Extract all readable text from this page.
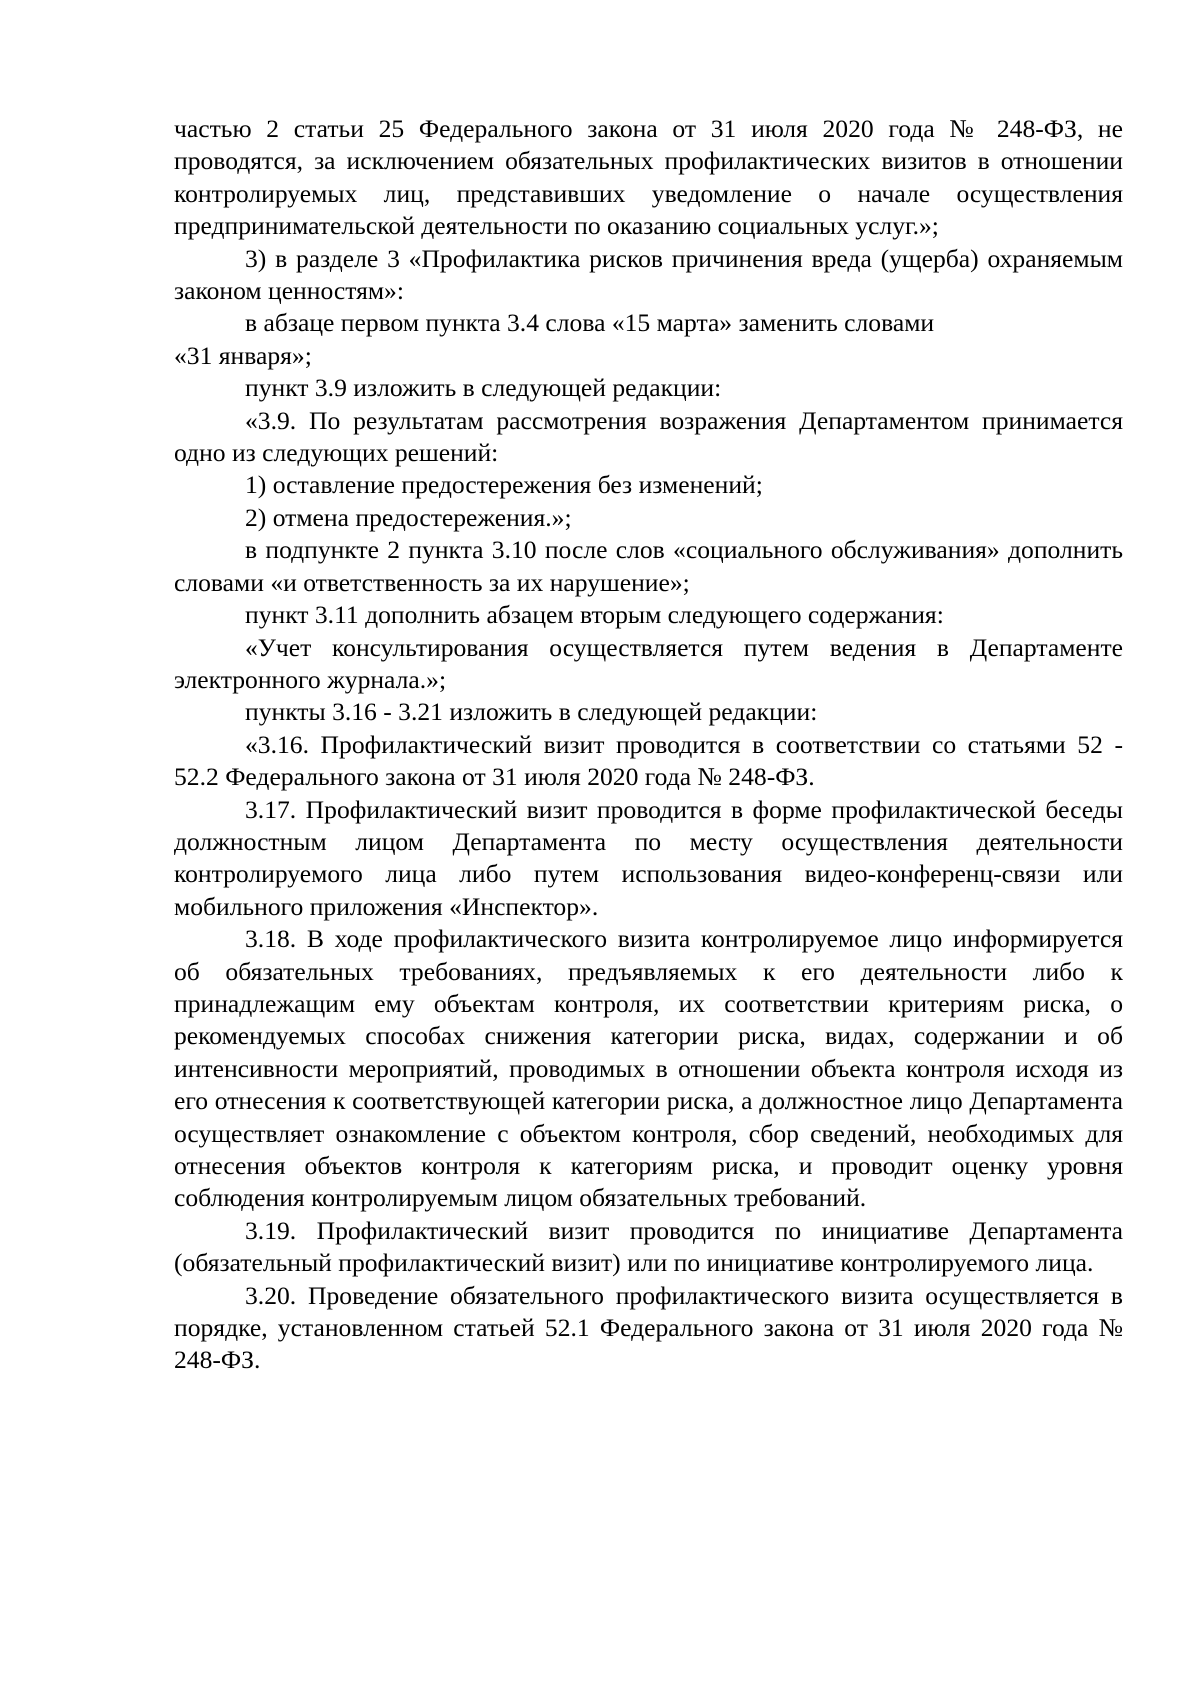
частью 2 статьи 25 Федерального закона от 31 июля 2020 года № 248-ФЗ, не проводятся, за исключением обязательных профилактических визитов в отношении контролируемых лиц, представивших уведомление о начале осуществления предпринимательской деятельности по оказанию социальных услуг.»;

3) в разделе 3 «Профилактика рисков причинения вреда (ущерба) охраняемым законом ценностям»:

в абзаце первом пункта 3.4 слова «15 марта» заменить словами

«31 января»;

пункт 3.9 изложить в следующей редакции:

«3.9. По результатам рассмотрения возражения Департаментом принимается одно из следующих решений:

1) оставление предостережения без изменений;

2) отмена предостережения.»;

в подпункте 2 пункта 3.10 после слов «социального обслуживания» дополнить словами «и ответственность за их нарушение»;

пункт 3.11 дополнить абзацем вторым следующего содержания:

«Учет консультирования осуществляется путем ведения в Департаменте электронного журнала.»;

пункты 3.16 - 3.21 изложить в следующей редакции:

«3.16. Профилактический визит проводится в соответствии со статьями 52 - 52.2 Федерального закона от 31 июля 2020 года № 248-ФЗ.

3.17. Профилактический визит проводится в форме профилактической беседы должностным лицом Департамента по месту осуществления деятельности контролируемого лица либо путем использования видео-конференц-связи или мобильного приложения «Инспектор».

3.18. В ходе профилактического визита контролируемое лицо информируется об обязательных требованиях, предъявляемых к его деятельности либо к принадлежащим ему объектам контроля, их соответствии критериям риска, о рекомендуемых способах снижения категории риска, видах, содержании и об интенсивности мероприятий, проводимых в отношении объекта контроля исходя из его отнесения к соответствующей категории риска, а должностное лицо Департамента осуществляет ознакомление с объектом контроля, сбор сведений, необходимых для отнесения объектов контроля к категориям риска, и проводит оценку уровня соблюдения контролируемым лицом обязательных требований.

3.19. Профилактический визит проводится по инициативе Департамента (обязательный профилактический визит) или по инициативе контролируемого лица.

3.20. Проведение обязательного профилактического визита осуществляется в порядке, установленном статьей 52.1 Федерального закона от 31 июля 2020 года № 248-ФЗ.
